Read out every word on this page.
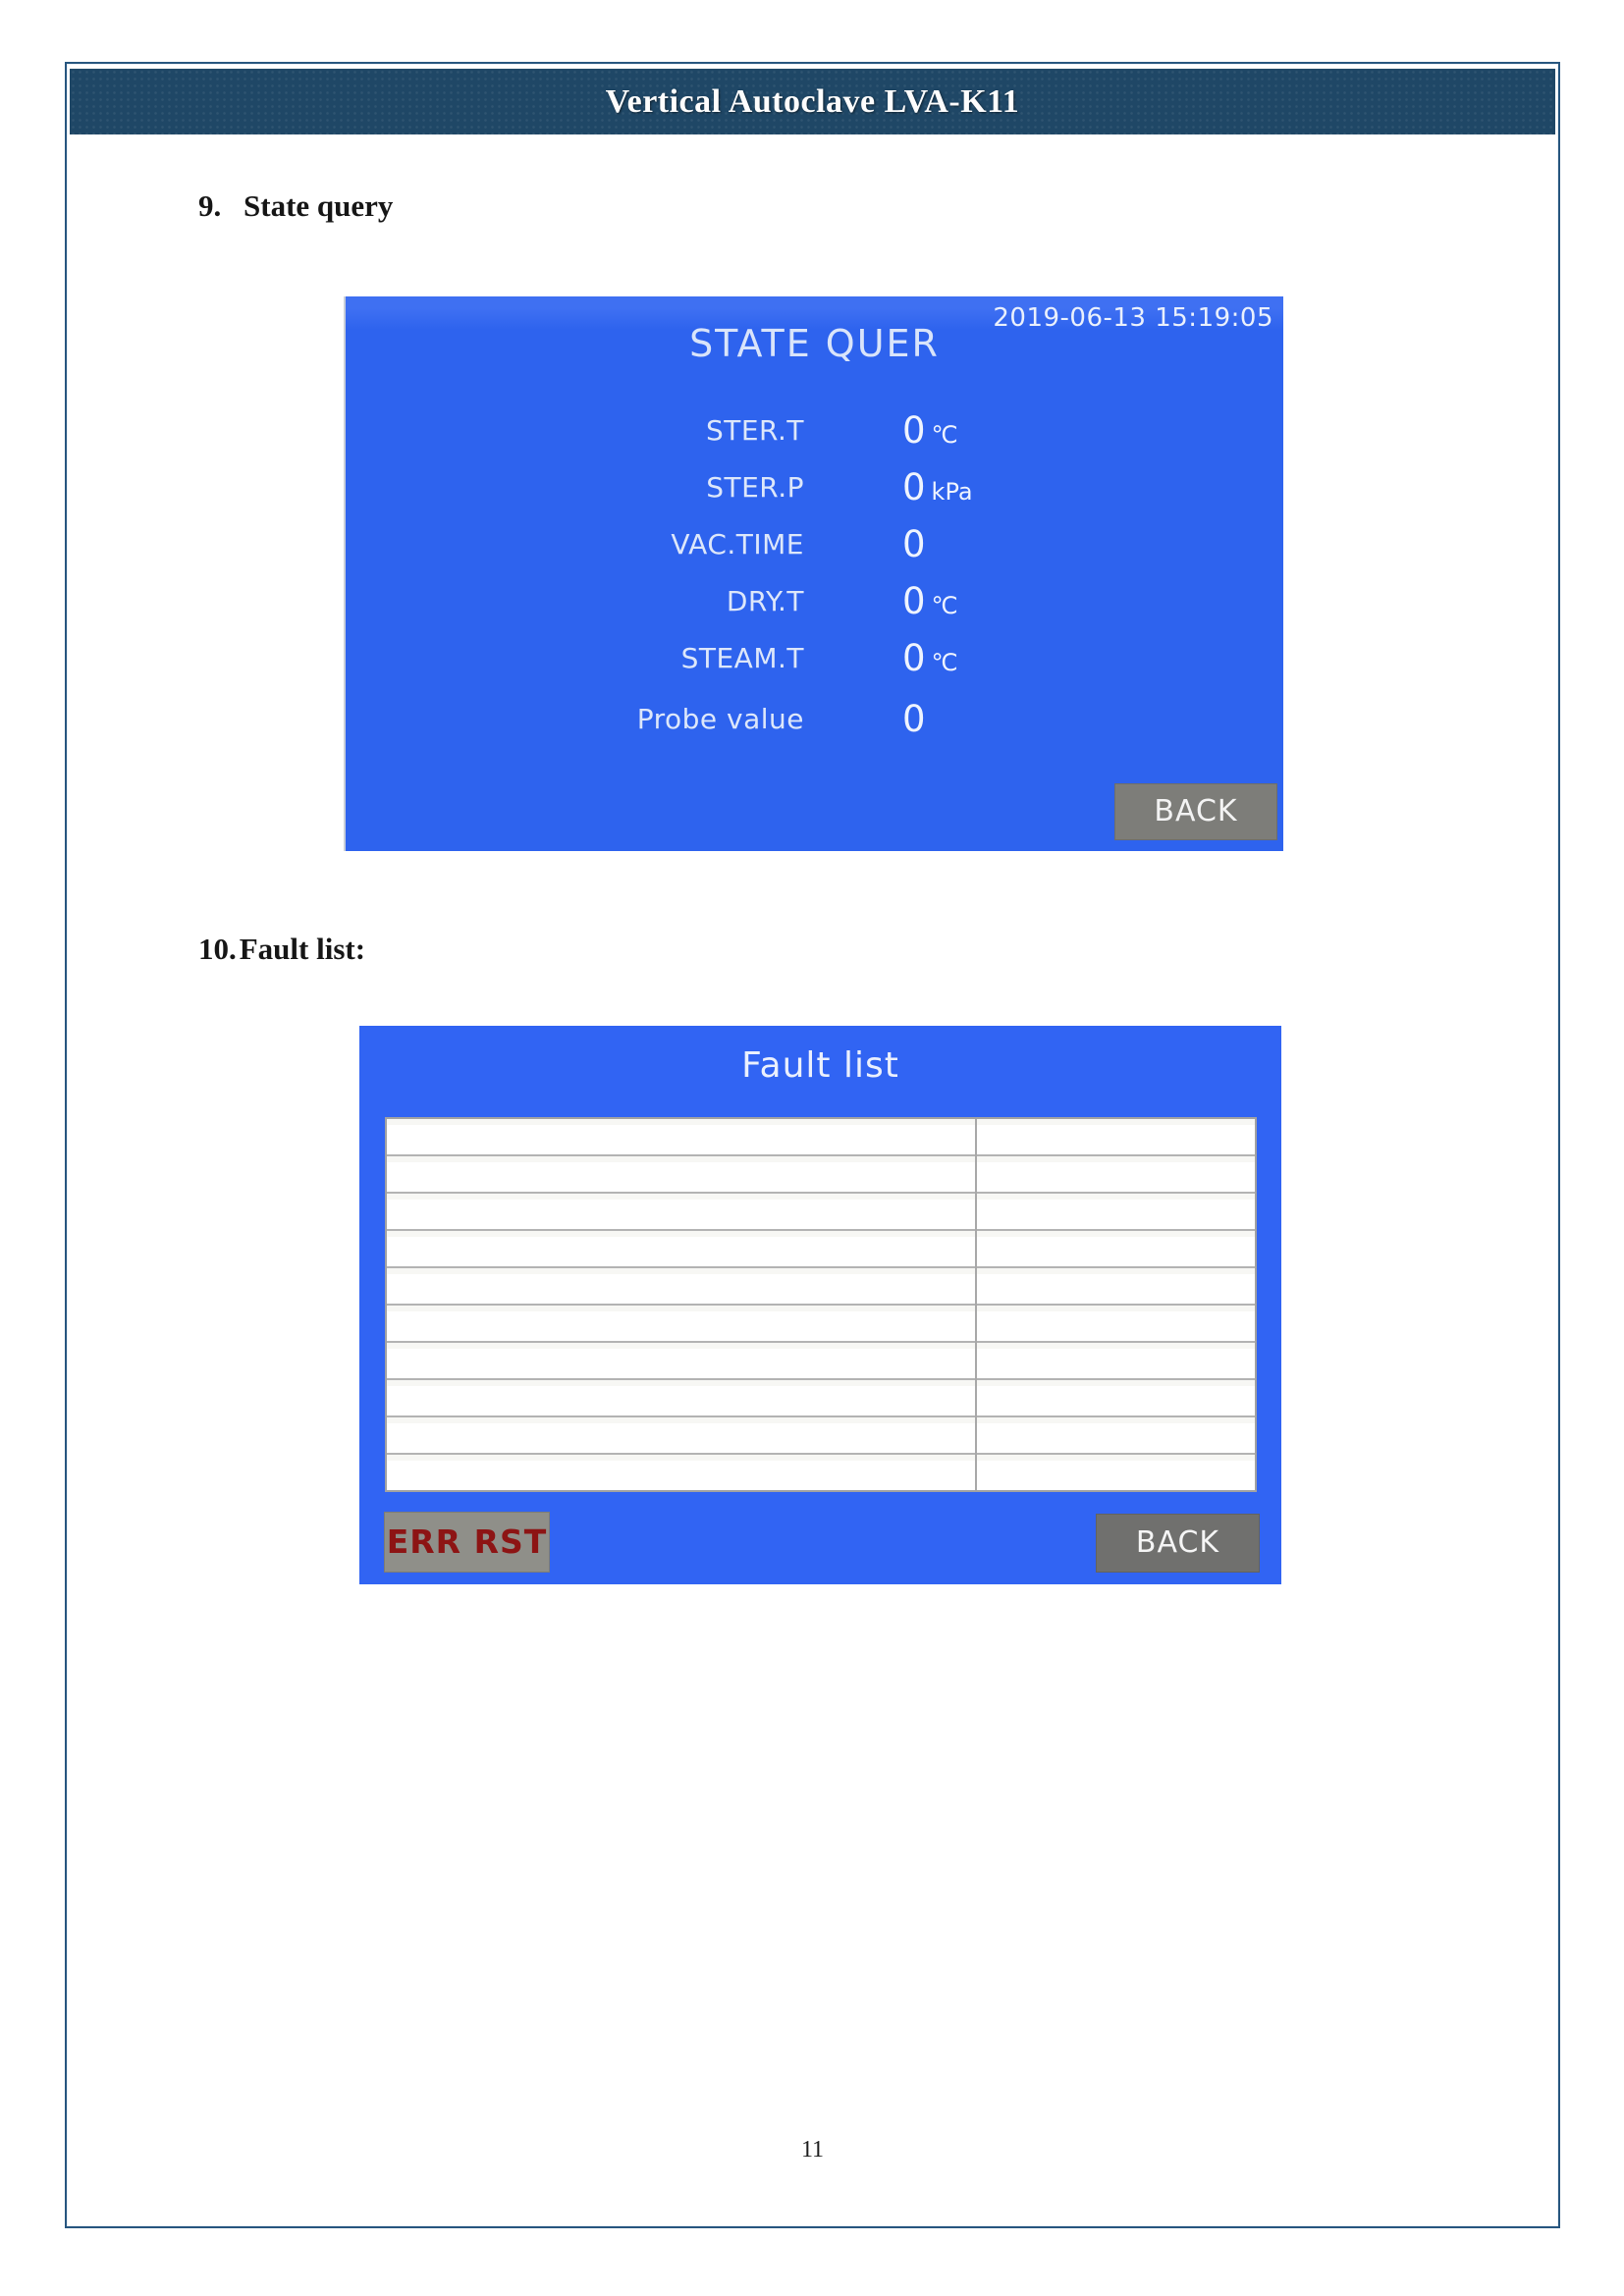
Vertical Autoclave LVA-K11
9. State query
2019-06-13 15:19:05
STATE QUER
STER.T	0 ℃
STER.P	0 kPa
VAC.TIME	0
DRY.T	0 ℃
STEAM.T	0 ℃
Probe value	0
BACK
10.Fault list:
Fault list
ERR RST	BACK
11
